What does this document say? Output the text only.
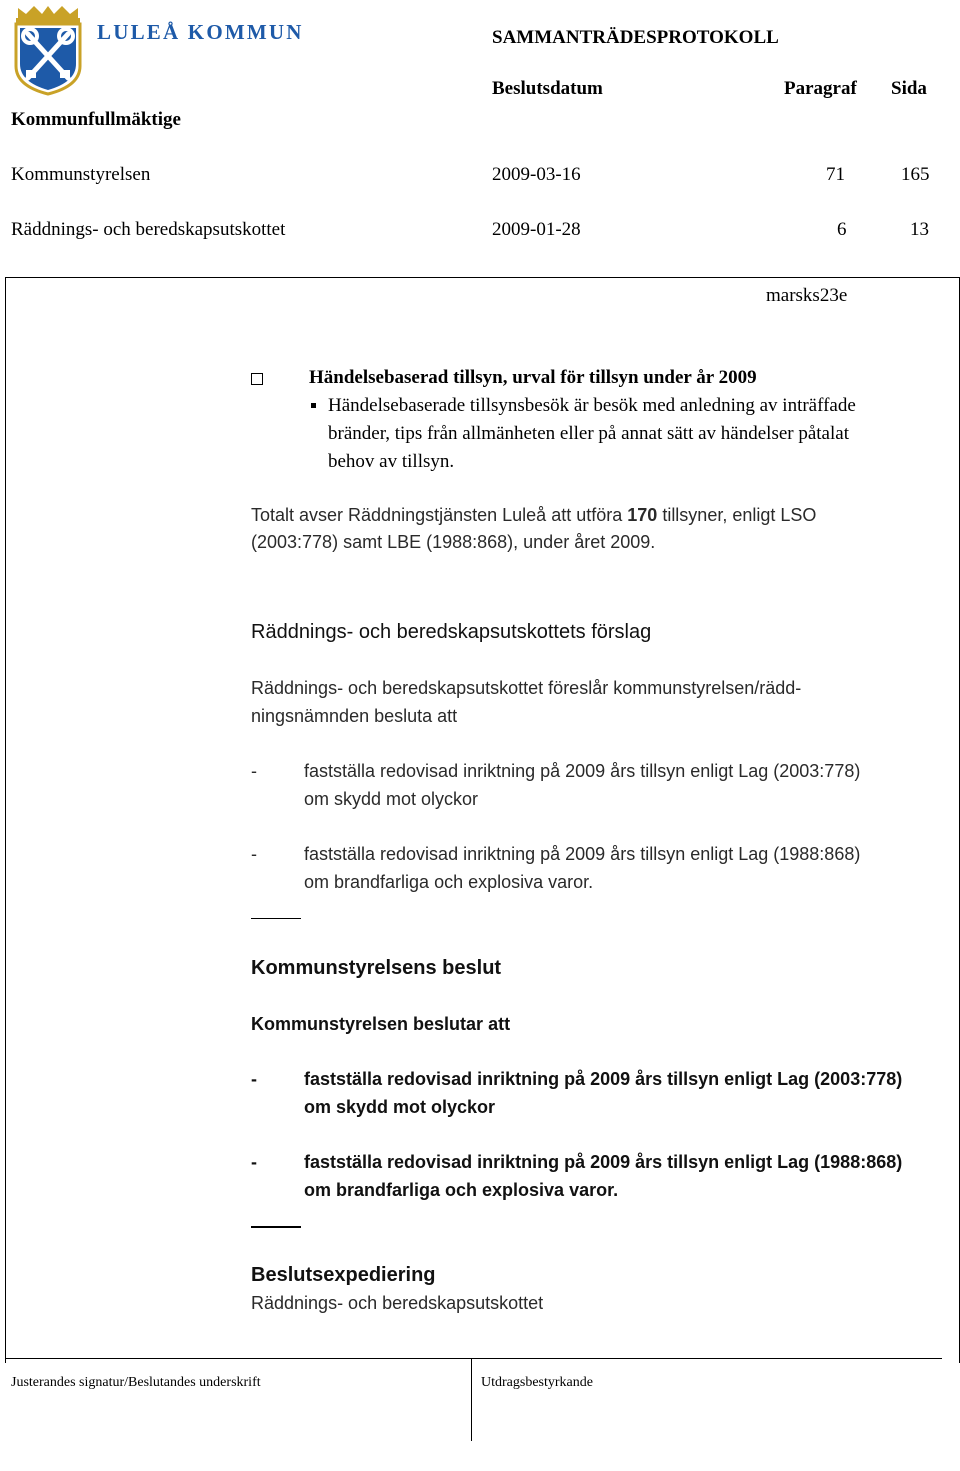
LULEÅ KOMMUN	SAMMANTRÄDESPROTOKOLL
Beslutsdatum	Paragraf Sida
Kommunfullmäktige
Kommunstyrelsen	2009-03-16	71	165
Räddnings- och beredskapsutskottet	2009-01-28	6	13
marsks23e
Händelsebaserad tillsyn, urval för tillsyn under år 2009
Händelsebaserade tillsynsbesök är besök med anledning av inträffade
bränder, tips från allmänheten eller på annat sätt av händelser påtalat
behov av tillsyn.
Totalt avser Räddningstjänsten Luleå att utföra 170 tillsyner, enligt LSO
(2003:778) samt LBE (1988:868), under året 2009.
Räddnings- och beredskapsutskottets förslag
Räddnings- och beredskapsutskottet föreslår kommunstyrelsen/rädd-
ningsnämnden besluta att
-	fastställa redovisad inriktning på 2009 års tillsyn enligt Lag (2003:778)
om skydd mot olyckor
-	fastställa redovisad inriktning på 2009 års tillsyn enligt Lag (1988:868)
om brandfarliga och explosiva varor.
Kommunstyrelsens beslut
Kommunstyrelsen beslutar att
-	fastställa redovisad inriktning på 2009 års tillsyn enligt Lag (2003:778)
om skydd mot olyckor
-	fastställa redovisad inriktning på 2009 års tillsyn enligt Lag (1988:868)
om brandfarliga och explosiva varor.
Beslutsexpediering
Räddnings- och beredskapsutskottet
Justerandes signatur/Beslutandes underskrift	Utdragsbestyrkande
